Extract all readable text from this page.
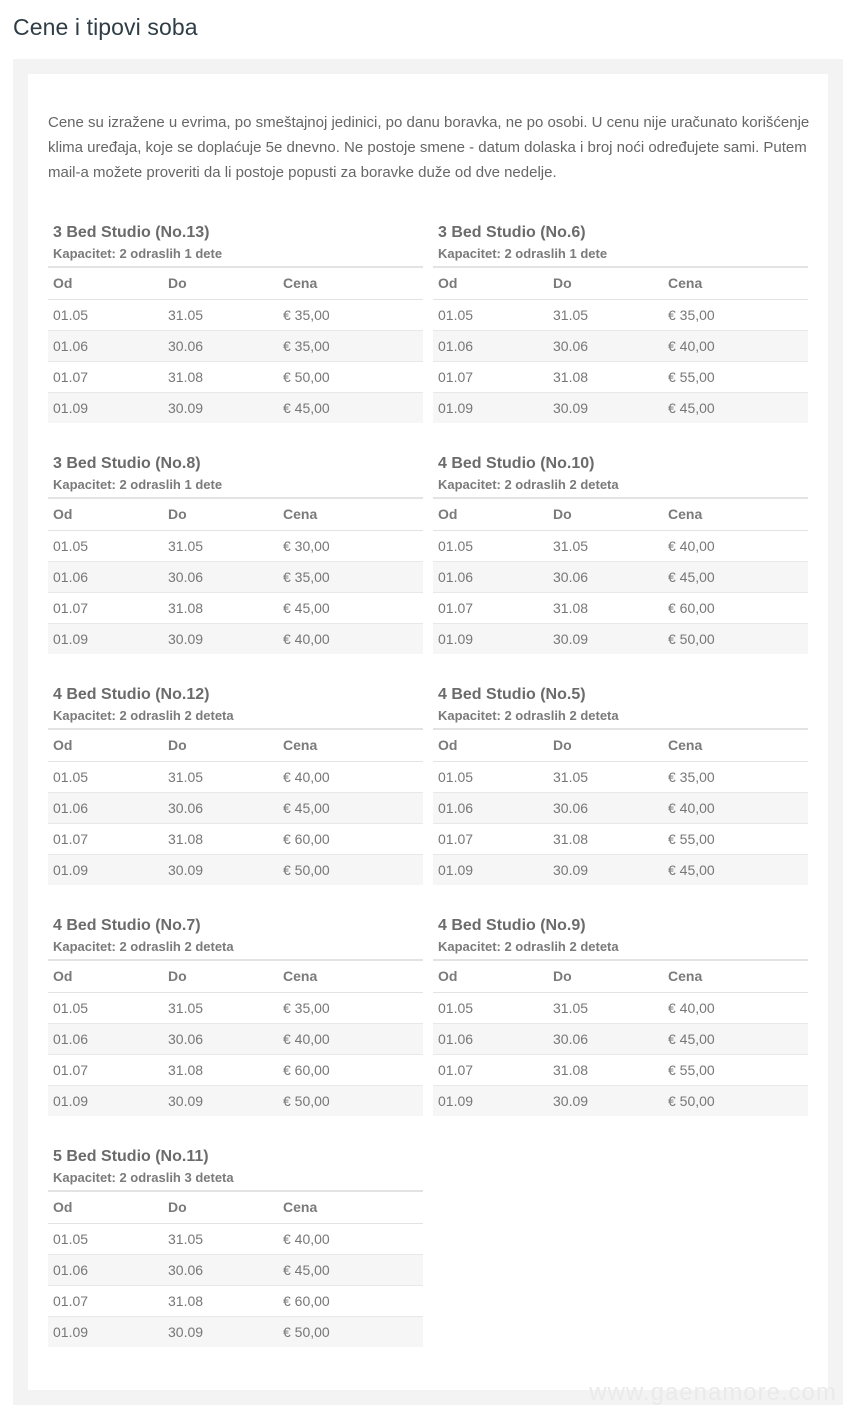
Cene i tipovi soba

Cene su izražene u evrima, po smeštajnoj jedinici, po danu boravka, ne po osobi. U cenu nije uračunato korišćenje klima uređaja, koje se doplaćuje 5e dnevno. Ne postoje smene - datum dolaska i broj noći određujete sami. Putem mail-a možete proveriti da li postoje popusti za boravke duže od dve nedelje.

3 Bed Studio (No.13)
Kapacitet: 2 odraslih 1 dete
Od	Do	Cena
01.05	31.05	€ 35,00
01.06	30.06	€ 35,00
01.07	31.08	€ 50,00
01.09	30.09	€ 45,00
3 Bed Studio (No.6)
Kapacitet: 2 odraslih 1 dete
Od	Do	Cena
01.05	31.05	€ 35,00
01.06	30.06	€ 40,00
01.07	31.08	€ 55,00
01.09	30.09	€ 45,00
3 Bed Studio (No.8)
Kapacitet: 2 odraslih 1 dete
Od	Do	Cena
01.05	31.05	€ 30,00
01.06	30.06	€ 35,00
01.07	31.08	€ 45,00
01.09	30.09	€ 40,00
4 Bed Studio (No.10)
Kapacitet: 2 odraslih 2 deteta
Od	Do	Cena
01.05	31.05	€ 40,00
01.06	30.06	€ 45,00
01.07	31.08	€ 60,00
01.09	30.09	€ 50,00
4 Bed Studio (No.12)
Kapacitet: 2 odraslih 2 deteta
Od	Do	Cena
01.05	31.05	€ 40,00
01.06	30.06	€ 45,00
01.07	31.08	€ 60,00
01.09	30.09	€ 50,00
4 Bed Studio (No.5)
Kapacitet: 2 odraslih 2 deteta
Od	Do	Cena
01.05	31.05	€ 35,00
01.06	30.06	€ 40,00
01.07	31.08	€ 55,00
01.09	30.09	€ 45,00
4 Bed Studio (No.7)
Kapacitet: 2 odraslih 2 deteta
Od	Do	Cena
01.05	31.05	€ 35,00
01.06	30.06	€ 40,00
01.07	31.08	€ 60,00
01.09	30.09	€ 50,00
4 Bed Studio (No.9)
Kapacitet: 2 odraslih 2 deteta
Od	Do	Cena
01.05	31.05	€ 40,00
01.06	30.06	€ 45,00
01.07	31.08	€ 55,00
01.09	30.09	€ 50,00
5 Bed Studio (No.11)
Kapacitet: 2 odraslih 3 deteta
Od	Do	Cena
01.05	31.05	€ 40,00
01.06	30.06	€ 45,00
01.07	31.08	€ 60,00
01.09	30.09	€ 50,00
www.gaenamore.com
